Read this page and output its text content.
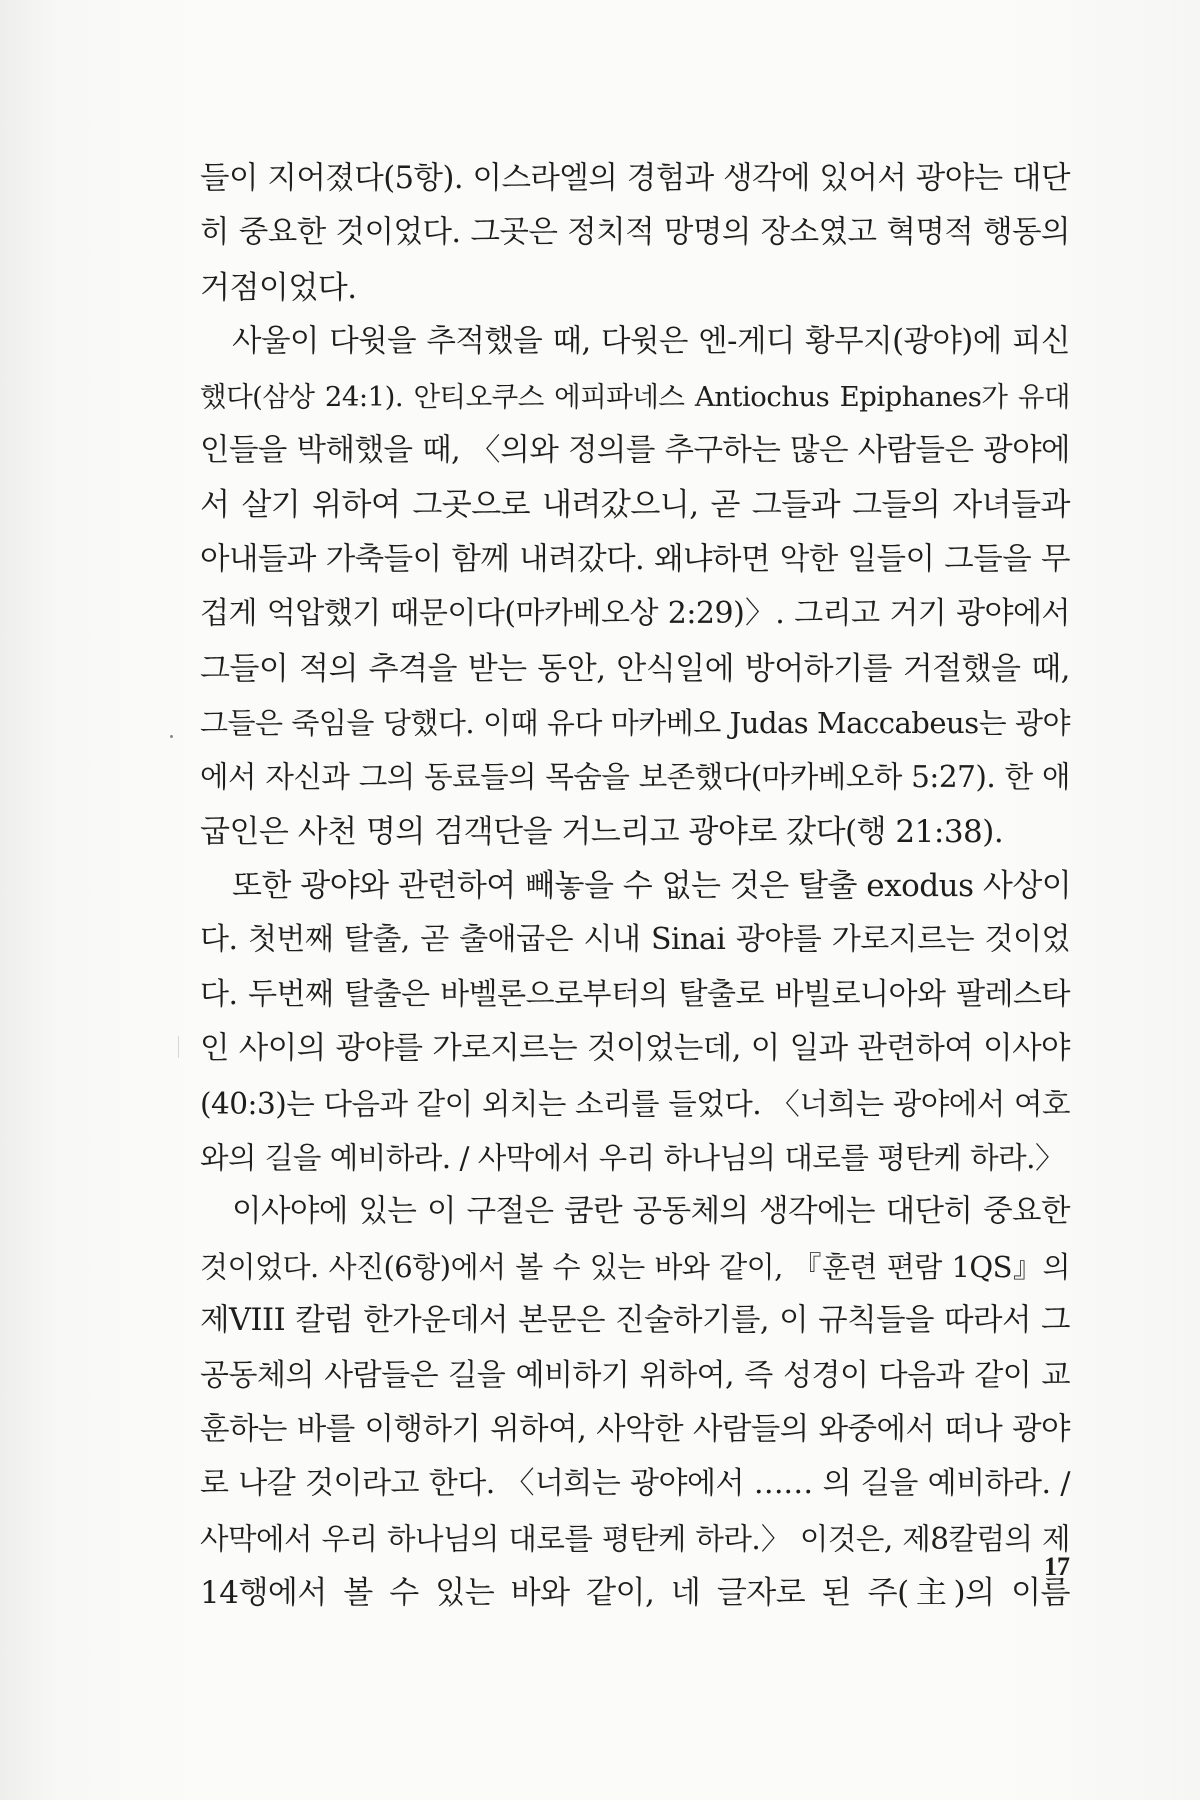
들이 지어졌다(5항). 이스라엘의 경험과 생각에 있어서 광야는 대단
히 중요한 것이었다. 그곳은 정치적 망명의 장소였고 혁명적 행동의
거점이었다.
사울이 다윗을 추적했을 때, 다윗은 엔-게디 황무지(광야)에 피신
했다(삼상 24:1). 안티오쿠스 에피파네스 Antiochus Epiphanes가 유대
인들을 박해했을 때, 〈의와 정의를 추구하는 많은 사람들은 광야에
서 살기 위하여 그곳으로 내려갔으니, 곧 그들과 그들의 자녀들과
아내들과 가축들이 함께 내려갔다. 왜냐하면 악한 일들이 그들을 무
겁게 억압했기 때문이다(마카베오상 2:29)〉. 그리고 거기 광야에서
그들이 적의 추격을 받는 동안, 안식일에 방어하기를 거절했을 때,
그들은 죽임을 당했다. 이때 유다 마카베오 Judas Maccabeus는 광야
에서 자신과 그의 동료들의 목숨을 보존했다(마카베오하 5:27). 한 애
굽인은 사천 명의 검객단을 거느리고 광야로 갔다(행 21:38).
또한 광야와 관련하여 빼놓을 수 없는 것은 탈출 exodus 사상이
다. 첫번째 탈출, 곧 출애굽은 시내 Sinai 광야를 가로지르는 것이었
다. 두번째 탈출은 바벨론으로부터의 탈출로 바빌로니아와 팔레스타
인 사이의 광야를 가로지르는 것이었는데, 이 일과 관련하여 이사야
(40:3)는 다음과 같이 외치는 소리를 들었다. 〈너희는 광야에서 여호
와의 길을 예비하라. / 사막에서 우리 하나님의 대로를 평탄케 하라.〉
이사야에 있는 이 구절은 쿰란 공동체의 생각에는 대단히 중요한
것이었다. 사진(6항)에서 볼 수 있는 바와 같이, 『훈련 편람 1QS』의
제VIII 칼럼 한가운데서 본문은 진술하기를, 이 규칙들을 따라서 그
공동체의 사람들은 길을 예비하기 위하여, 즉 성경이 다음과 같이 교
훈하는 바를 이행하기 위하여, 사악한 사람들의 와중에서 떠나 광야
로 나갈 것이라고 한다. 〈너희는 광야에서 …… 의 길을 예비하라. /
사막에서 우리 하나님의 대로를 평탄케 하라.〉 이것은, 제8칼럼의 제
14행에서 볼 수 있는 바와 같이, 네 글자로 된 주(主)의 이름
17
